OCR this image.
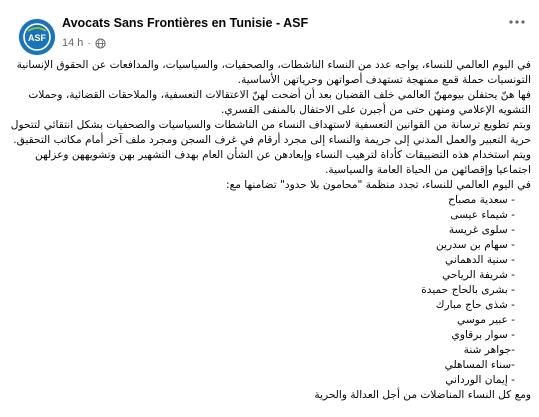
ASF
Avocats Sans Frontières en Tunisie - ASF
14 h ·

في اليوم العالمي للنساء، يواجه عدد من النساء الناشطات، والصحفيات، والسياسيات، والمدافعات عن الحقوق الإنسانية التونسيات حملة قمع ممنهجة تستهدف أصواتهن وحرياتهن الأساسية.

فها هنّ يحتفلن بيومهنّ العالمي خلف القضبان بعد أن أضحت لهنّ الاعتقالات التعسفية، والملاحقات القضائية، وحملات التشويه الإعلامي ومنهن حتى من أجبرن على الاحتفال بالمنفى القسري.

وبتم تطويع ترسانة من القوانين التعسفية لاستهداف النساء من الناشطات والسياسيات والصحفيات بشكل انتقائي لتتحول حرية التعبير والعمل المدني إلى جريمة والنساء إلى مجرد أرقام في غرف السجن ومجرد ملف آخر أمام مكاتب التحقيق.

ويتم استخدام هذه التضييقات كأداة لترهيب النساء وإبعادهن عن الشأن العام بهدف التشهير بهن وتشويههن وعزلهن اجتماعيا وإقصائهن من الحياة العامة والسياسية.

في اليوم العالمي للنساء، تجدد منظمة "محامون بلا حدود" تضامنها مع:

- سعدية مصباح
- شيماء عيسى
- سلوى غريسة
- سهام بن سدرين
- سنية الدهماني
- شريفة الرياحي
- بشرى بالحاج حميدة
- شذى حاج مبارك
- عبير موسي
- سوار برقاوي
-جواهر شنة
-سناء المساهلي
- إيمان الورداني

ومع كل النساء المناضلات من أجل العدالة والحرية
